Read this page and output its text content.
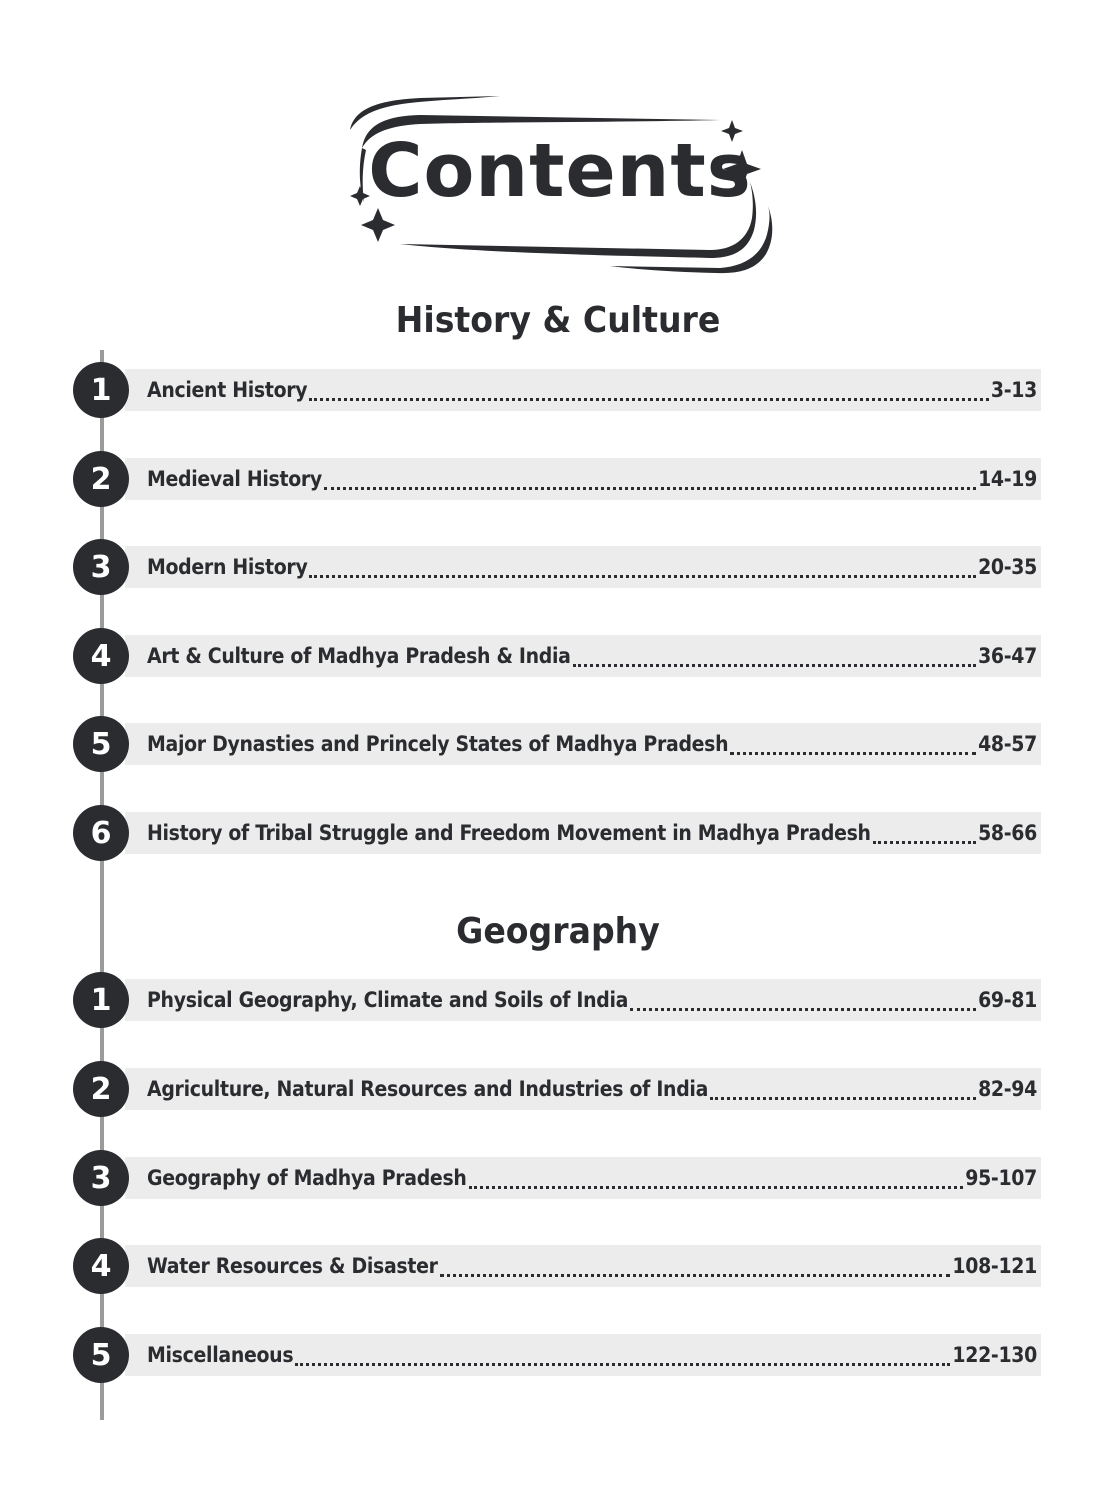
Contents
History & Culture
Geography
1	Ancient History	3-13
2	Medieval History	14-19
3	Modern History	20-35
4	Art & Culture of Madhya Pradesh & India	36-47
5	Major Dynasties and Princely States of Madhya Pradesh	48-57
6	History of Tribal Struggle and Freedom Movement in Madhya Pradesh	58-66
1	Physical Geography, Climate and Soils of India	69-81
2	Agriculture, Natural Resources and Industries of India	82-94
3	Geography of Madhya Pradesh	95-107
4	Water Resources & Disaster	108-121
5	Miscellaneous	122-130
